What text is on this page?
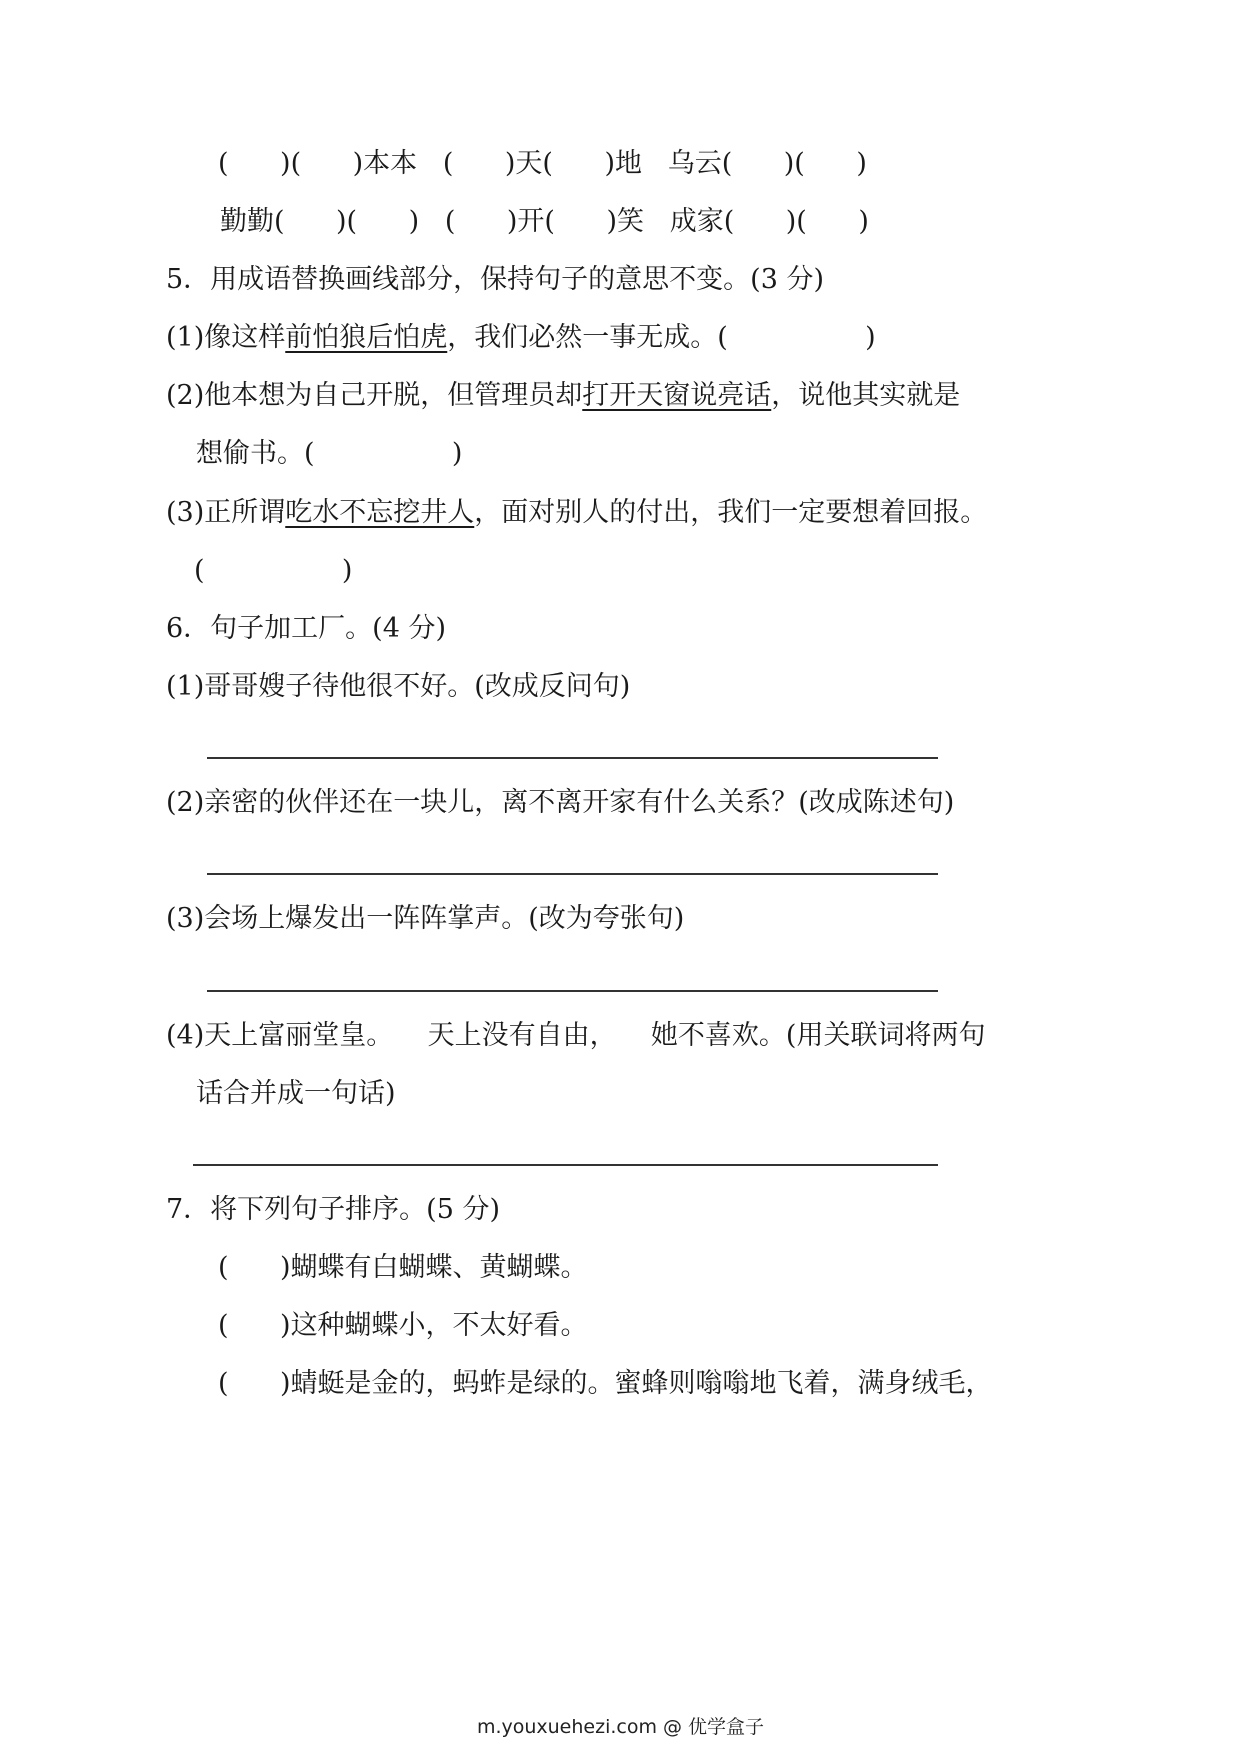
(      )(      )本本   (      )天(      )地   乌云(      )(      )
勤勤(      )(      )   (      )开(      )笑   成家(      )(      )
5．用成语替换画线部分，保持句子的意思不变。(3 分)
(1)像这样前怕狼后怕虎，我们必然一事无成。(                )
(2)他本想为自己开脱，但管理员却打开天窗说亮话，说他其实就是
想偷书。(                )
(3)正所谓吃水不忘挖井人，面对别人的付出，我们一定要想着回报。
(                )
6．句子加工厂。(4 分)
(1)哥哥嫂子待他很不好。(改成反问句)
(2)亲密的伙伴还在一块儿，离不离开家有什么关系？(改成陈述句)
(3)会场上爆发出一阵阵掌声。(改为夸张句)
(4)天上富丽堂皇。    天上没有自由，    她不喜欢。(用关联词将两句
话合并成一句话)
7．将下列句子排序。(5 分)
(      )蝴蝶有白蝴蝶、黄蝴蝶。
(      )这种蝴蝶小，不太好看。
(      )蜻蜓是金的，蚂蚱是绿的。蜜蜂则嗡嗡地飞着，满身绒毛，
m.youxuehezi.com @ 优学盒子
